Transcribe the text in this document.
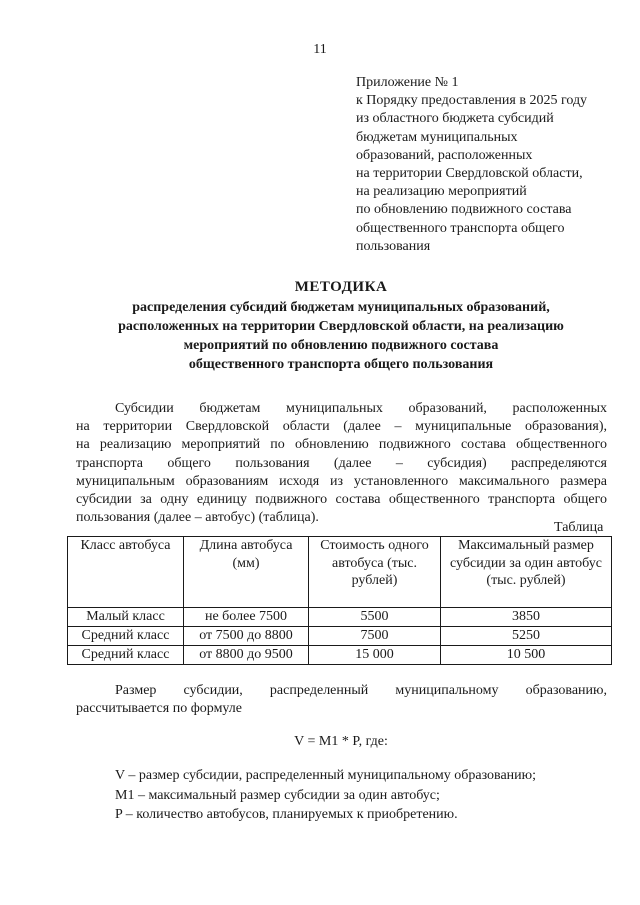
11
Приложение № 1
к Порядку предоставления в 2025 году
из областного бюджета субсидий
бюджетам муниципальных
образований, расположенных
на территории Свердловской области,
на реализацию мероприятий
по обновлению подвижного состава
общественного транспорта общего
пользования
МЕТОДИКА
распределения субсидий бюджетам муниципальных образований,
расположенных на территории Свердловской области, на реализацию
мероприятий по обновлению подвижного состава
общественного транспорта общего пользования
Субсидии бюджетам муниципальных образований, расположенных
на территории Свердловской области (далее – муниципальные образования),
на реализацию мероприятий по обновлению подвижного состава общественного
транспорта общего пользования (далее – субсидия) распределяются
муниципальным образованиям исходя из установленного максимального размера
субсидии за одну единицу подвижного состава общественного транспорта общего
пользования (далее – автобус) (таблица).
Таблица
Класс автобуса	Длина автобуса (мм)	Стоимость одного автобуса (тыс. рублей)	Максимальный размер субсидии за один автобус (тыс. рублей)
Малый класс	не более 7500	5500	3850
Средний класс	от 7500 до 8800	7500	5250
Средний класс	от 8800 до 9500	15 000	10 500
Размер субсидии, распределенный муниципальному образованию,
рассчитывается по формуле
V = M1 * P, где:
V – размер субсидии, распределенный муниципальному образованию;
M1 – максимальный размер субсидии за один автобус;
P – количество автобусов, планируемых к приобретению.
